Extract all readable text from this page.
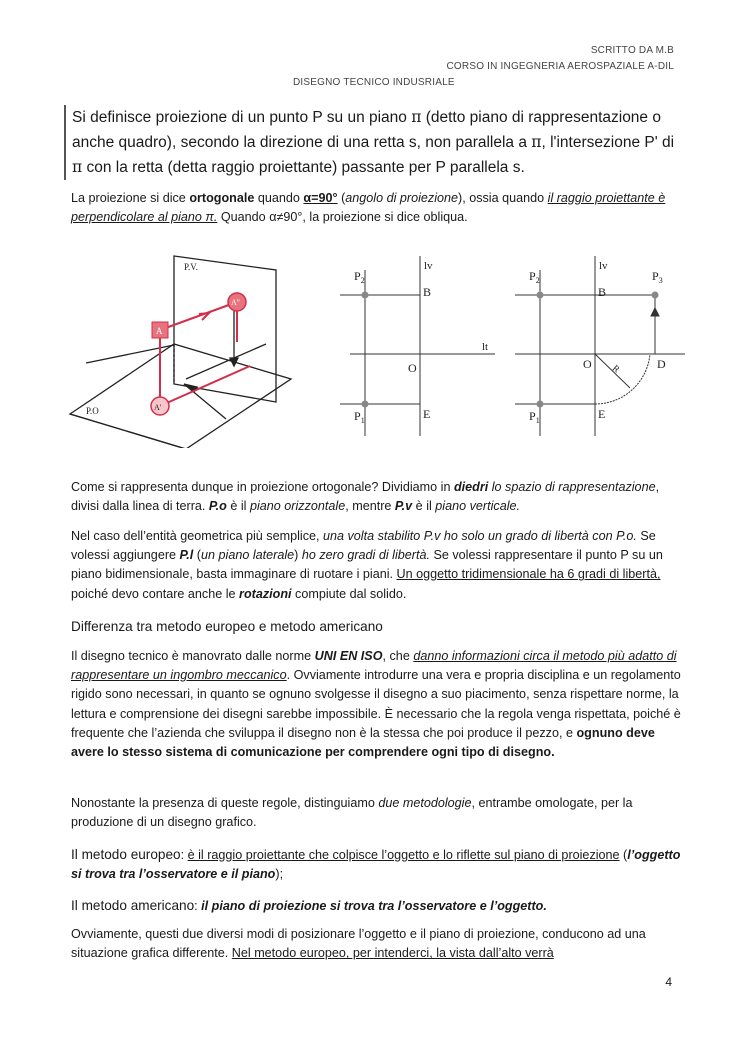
SCRITTO DA M.B
CORSO IN INGEGNERIA AEROSPAZIALE A-DIL
DISEGNO TECNICO INDUSRIALE
Si definisce proiezione di un punto P su un piano π (detto piano di rappresentazione o anche quadro), secondo la direzione di una retta s, non parallela a π, l'intersezione P' di π con la retta (detta raggio proiettante) passante per P parallela s.
La proiezione si dice ortogonale quando α=90° (angolo di proiezione), ossia quando il raggio proiettante è perpendicolare al piano π. Quando α≠90°, la proiezione si dice obliqua.
A
A''
A'
P.V.
P.O
$P_2$
$P_1$
lv
lt
B
O
E
$P_2$	$P_3$
$P_1$
lv
B
O	D
E
R
Come si rappresenta dunque in proiezione ortogonale? Dividiamo in diedri lo spazio di rappresentazione, divisi dalla linea di terra. P.o è il piano orizzontale, mentre P.v è il piano verticale.
Nel caso dell’entità geometrica più semplice, una volta stabilito P.v ho solo un grado di libertà con P.o. Se volessi aggiungere P.l (un piano laterale) ho zero gradi di libertà. Se volessi rappresentare il punto P su un piano bidimensionale, basta immaginare di ruotare i piani. Un oggetto tridimensionale ha 6 gradi di libertà, poiché devo contare anche le rotazioni compiute dal solido.
Differenza tra metodo europeo e metodo americano
Il disegno tecnico è manovrato dalle norme UNI EN ISO, che danno informazioni circa il metodo più adatto di rappresentare un ingombro meccanico. Ovviamente introdurre una vera e propria disciplina e un regolamento rigido sono necessari, in quanto se ognuno svolgesse il disegno a suo piacimento, senza rispettare norme, la lettura e comprensione dei disegni sarebbe impossibile. È necessario che la regola venga rispettata, poiché è frequente che l’azienda che sviluppa il disegno non è la stessa che poi produce il pezzo, e ognuno deve avere lo stesso sistema di comunicazione per comprendere ogni tipo di disegno.
Nonostante la presenza di queste regole, distinguiamo due metodologie, entrambe omologate, per la produzione di un disegno grafico.
Il metodo europeo: è il raggio proiettante che colpisce l’oggetto e lo riflette sul piano di proiezione (l’oggetto si trova tra l’osservatore e il piano);
Il metodo americano: il piano di proiezione si trova tra l’osservatore e l’oggetto.
Ovviamente, questi due diversi modi di posizionare l’oggetto e il piano di proiezione, conducono ad una situazione grafica differente. Nel metodo europeo, per intenderci, la vista dall’alto verrà
4
